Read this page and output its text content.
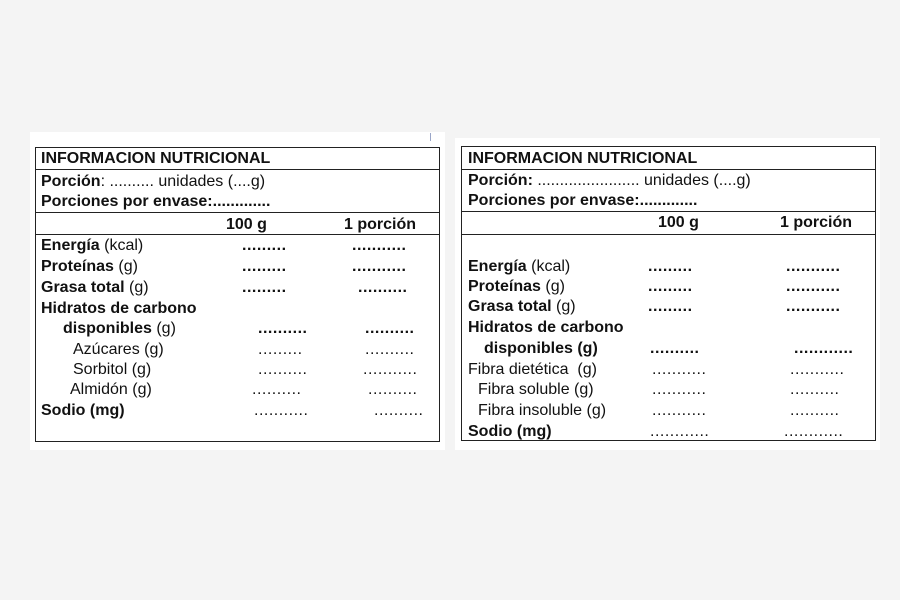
INFORMACION NUTRICIONAL
Porción: .......... unidades (....g)
Porciones por envase:.............
100 g	1 porción
Energía (kcal)	.........	...........
Proteínas (g)	.........	...........
Grasa total (g)	.........	..........
Hidratos de carbono
disponibles (g)	..........	..........
Azúcares (g)	.........	..........
Sorbitol (g)	..........	...........
Almidón (g)	..........	..........
Sodio (mg)	...........	..........
INFORMACION NUTRICIONAL
Porción: ....................... unidades (....g)
Porciones por envase:.............
100 g	1 porción
Energía (kcal)	.........	...........
Proteínas (g)	.........	...........
Grasa total (g)	.........	...........
Hidratos de carbono
disponibles (g)	..........	............
Fibra dietética  (g)	...........	...........
Fibra soluble (g)	...........	..........
Fibra insoluble (g)	...........	..........
Sodio (mg)	............	............
